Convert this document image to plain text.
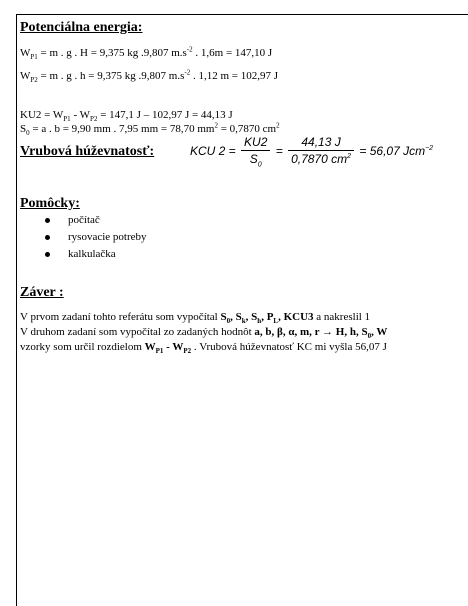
Potenciálna energia:
$W_{P1} = m$ . g . H = 9,375 kg .9,807 $m.s^{-2}$ . 1,6m = 147,10 J
$W_{P2} = m$ . g . h = 9,375 kg .9,807 $m.s^{-2}$ . 1,12 m = 102,97 J
$KU2 = W_{P1} - W_{P2} = 147,1$ J – 102,97 J = 44,13 J
$S_0 = a$ . b = 9,90 mm . 7,95 mm = 78,70 $mm^2 = 0,7870$ $cm^2$
Vrubová húževnatosť:	KCU $2 = \frac{KU2}{S_0} = \frac{44,13 J}{0,7870 cm^2} = 56,07$ Jcm$^{-2}$
Pomôcky:
počítač
rysovacie potreby
kalkulačka
Záver :
V prvom zadaní tohto referátu som vypočítal $S_0$, $S_k$, $S_h$, $P_L$, KCU3 a nakreslil 1
V druhom zadaní som vypočítal zo zadaných hodnôt a, b, β, α, m, r → H, h, $S_0$, W
vzorky som určil rozdielom $W_{P1} - W_{P2}$ . Vrubová húževnatosť KC mi vyšla 56,07 J
